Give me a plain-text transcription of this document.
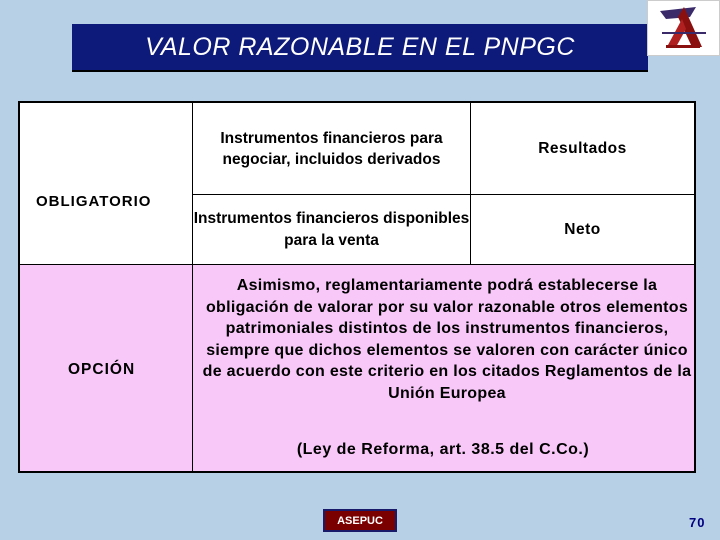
VALOR RAZONABLE EN EL PNPGC
OBLIGATORIO
Instrumentos financieros para negociar, incluidos derivados
Resultados
Instrumentos financieros disponibles para la venta
Neto
OPCIÓN
Asimismo, reglamentariamente podrá establecerse la obligación de valorar por su valor razonable otros elementos patrimoniales distintos de los instrumentos financieros, siempre que dichos elementos se valoren con carácter único de acuerdo con este criterio en los citados Reglamentos de la Unión Europea
(Ley de Reforma, art. 38.5 del C.Co.)
ASEPUC	70
